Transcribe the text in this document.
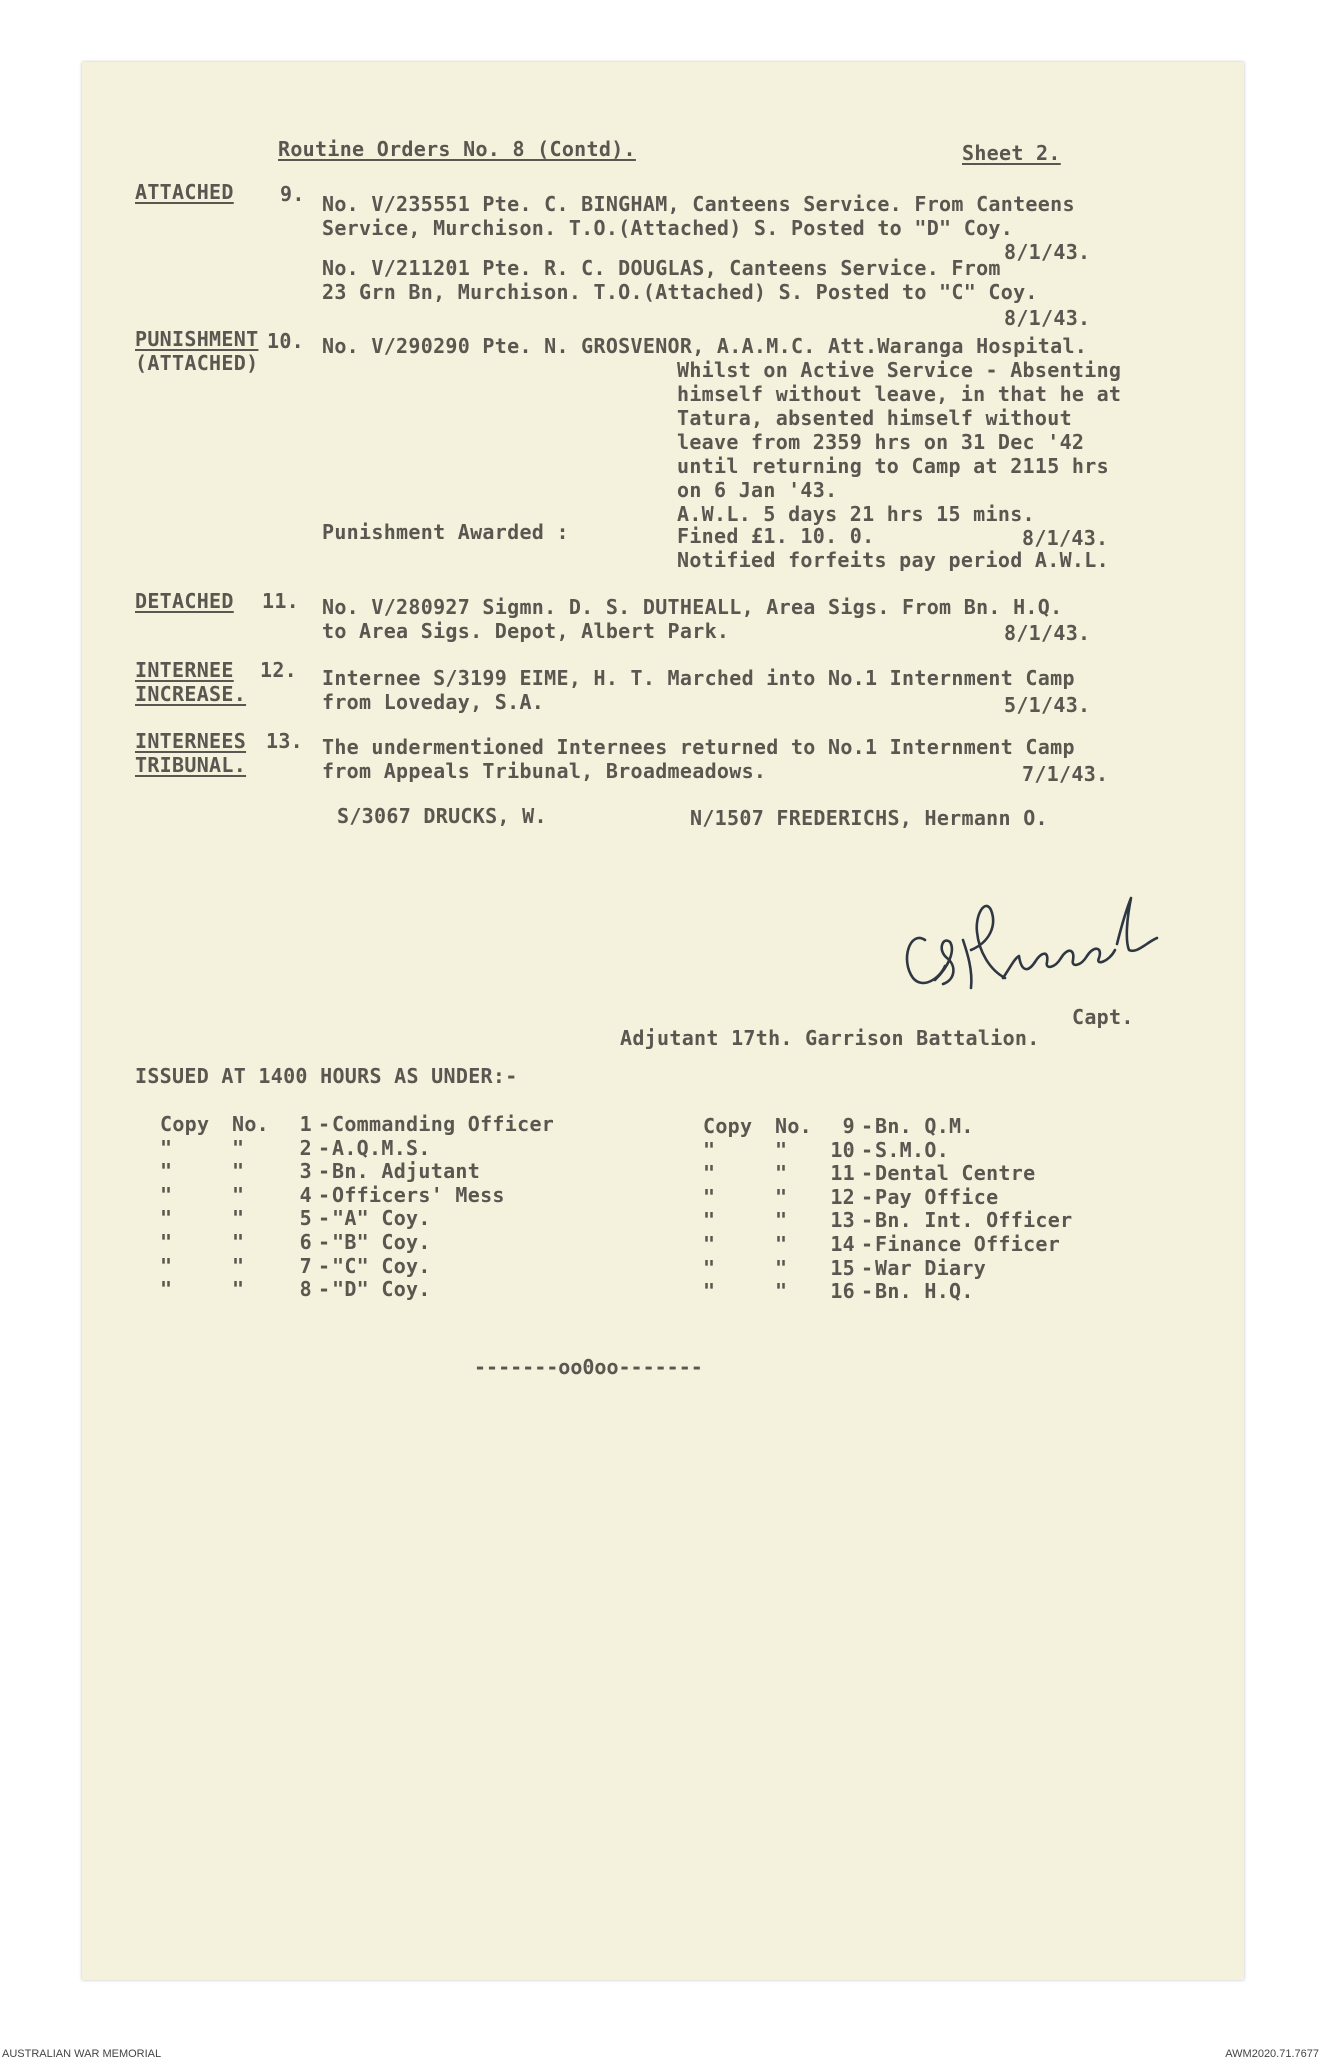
Routine Orders No. 8 (Contd).	Sheet 2.
ATTACHED 9. No. V/235551 Pte. C. BINGHAM, Canteens Service. From Canteens
Service, Murchison. T.O.(Attached) S. Posted to "D" Coy.
8/1/43.
No. V/211201 Pte. R. C. DOUGLAS, Canteens Service. From
23 Grn Bn, Murchison. T.O.(Attached) S. Posted to "C" Coy.
8/1/43.
PUNISHMENT
(ATTACHED)
10. No. V/290290 Pte. N. GROSVENOR, A.A.M.C. Att.Waranga Hospital.
Whilst on Active Service - Absenting
himself without leave, in that he at
Tatura, absented himself without
leave from 2359 hrs on 31 Dec '42
until returning to Camp at 2115 hrs
on 6 Jan '43.
A.W.L. 5 days 21 hrs 15 mins.
Punishment Awarded :	Fined £1. 10. 0.	8/1/43.
Notified forfeits pay period A.W.L.
DETACHED 11. No. V/280927 Sigmn. D. S. DUTHEALL, Area Sigs. From Bn. H.Q.
to Area Sigs. Depot, Albert Park.	8/1/43.
INTERNEE
INCREASE.
12. Internee S/3199 EIME, H. T. Marched into No.1 Internment Camp
from Loveday, S.A.	5/1/43.
INTERNEES
TRIBUNAL.
13. The undermentioned Internees returned to No.1 Internment Camp
from Appeals Tribunal, Broadmeadows.	7/1/43.
S/3067 DRUCKS, W.	N/1507 FREDERICHS, Hermann O.
Capt.
Adjutant 17th. Garrison Battalion.
ISSUED AT 1400 HOURS AS UNDER:-
Copy No.	1 Commanding Officer
-
"	"	2 A.Q.M.S.
-
"	"	3 Bn. Adjutant
-
"	"	4 Officers' Mess
-
"	"	5 "A" Coy.
-
"	"	6 "B" Coy.
-
"	"	7 "C" Coy.
-
"	"	8 "D" Coy.
-
Copy No.	9 Bn. Q.M.
-
"	"	10 S.M.O.
-
"	"	11 Dental Centre
-
"	"	12 Pay Office
-
"	"	13 Bn. Int. Officer
-
"	"	14 Finance Officer
-
"	"	15 War Diary
-
"	"	16 Bn. H.Q.
-
-------oo0oo-------
AUSTRALIAN WAR MEMORIAL	AWM2020.71.7677
